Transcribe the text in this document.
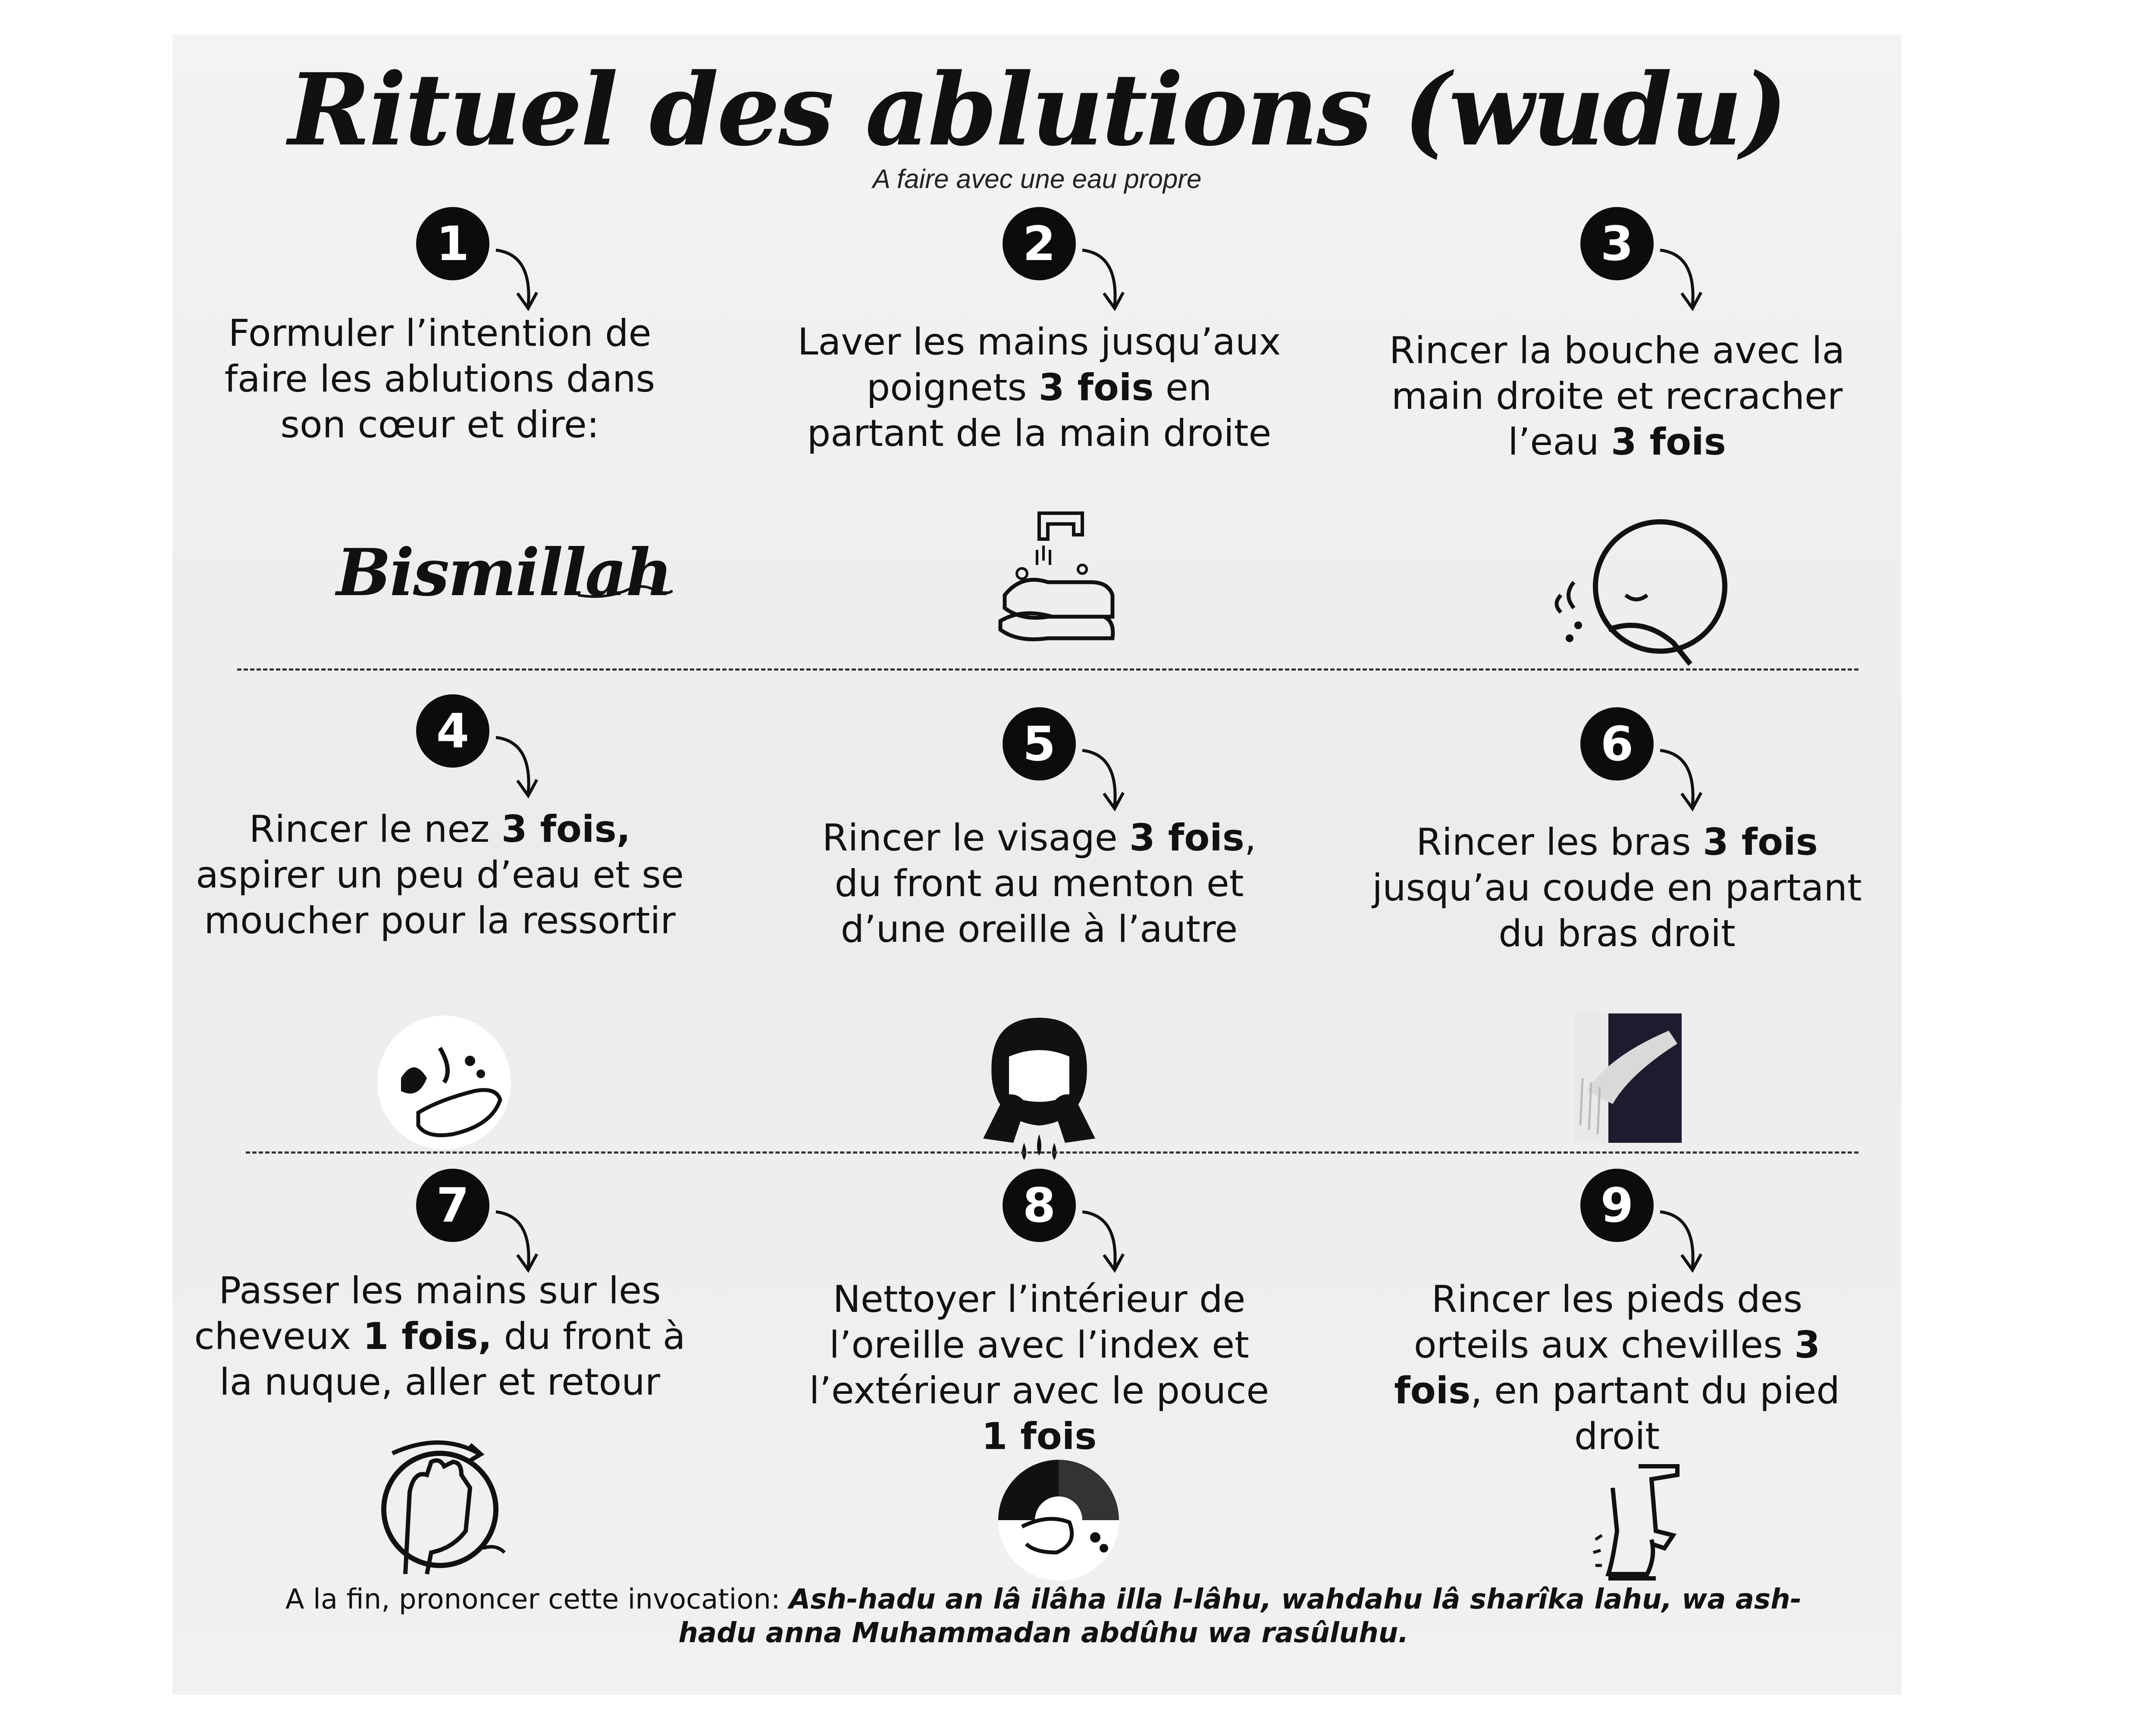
Rituel des ablutions (wudu)
A faire avec une eau propre
1
Formuler l’intention de faire les ablutions dans son cœur et dire:
Bismillah
2
Laver les mains jusqu’aux poignets 3 fois en partant de la main droite
3
Rincer la bouche avec la main droite et recracher l’eau 3 fois
4
Rincer le nez 3 fois, aspirer un peu d’eau et se moucher pour la ressortir
5
Rincer le visage 3 fois, du front au menton et d’une oreille à l’autre
6
Rincer les bras 3 fois jusqu’au coude en partant du bras droit
7
Passer les mains sur les cheveux 1 fois, du front à la nuque, aller et retour
8
Nettoyer l’intérieur de l’oreille avec l’index et l’extérieur avec le pouce 1 fois
9
Rincer les pieds des orteils aux chevilles 3 fois, en partant du pied droit
A la fin, prononcer cette invocation: Ash-hadu an lâ ilâha illa l-lâhu, wahdahu lâ sharîka lahu, wa ash-hadu anna Muhammadan abdûhu wa rasûluhu.
